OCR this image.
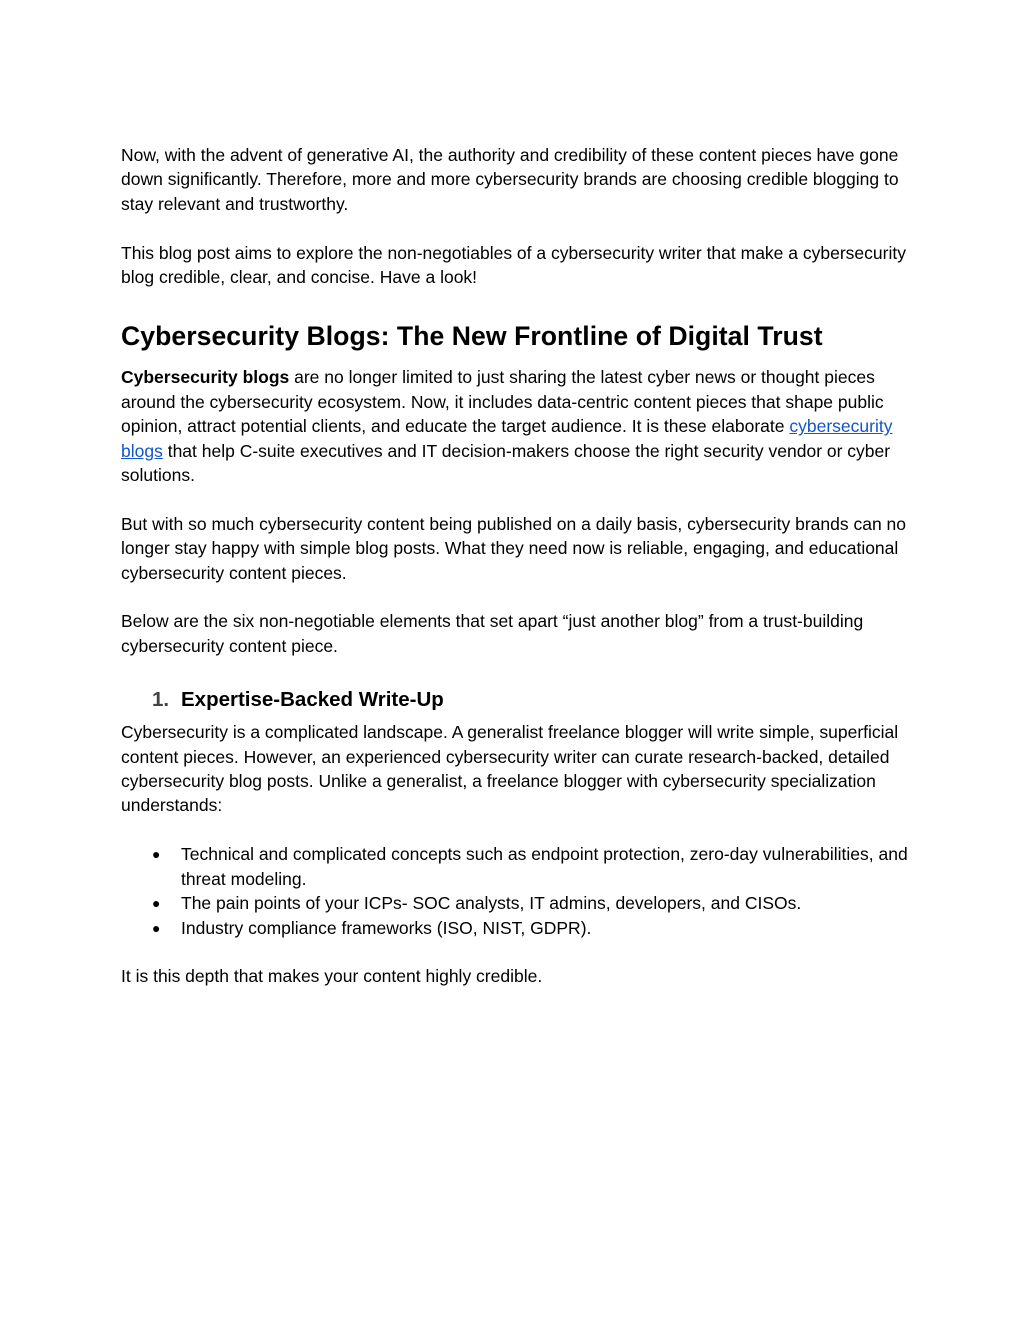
Now, with the advent of generative AI, the authority and credibility of these content pieces have gone down significantly. Therefore, more and more cybersecurity brands are choosing credible blogging to stay relevant and trustworthy.

This blog post aims to explore the non-negotiables of a cybersecurity writer that make a cybersecurity blog credible, clear, and concise. Have a look!

Cybersecurity Blogs: The New Frontline of Digital Trust

Cybersecurity blogs are no longer limited to just sharing the latest cyber news or thought pieces around the cybersecurity ecosystem. Now, it includes data-centric content pieces that shape public opinion, attract potential clients, and educate the target audience. It is these elaborate cybersecurity blogs that help C-suite executives and IT decision-makers choose the right security vendor or cyber solutions.

But with so much cybersecurity content being published on a daily basis, cybersecurity brands can no longer stay happy with simple blog posts. What they need now is reliable, engaging, and educational cybersecurity content pieces.

Below are the six non-negotiable elements that set apart “just another blog” from a trust-building cybersecurity content piece.

1. Expertise-Backed Write-Up

Cybersecurity is a complicated landscape. A generalist freelance blogger will write simple, superficial content pieces. However, an experienced cybersecurity writer can curate research-backed, detailed cybersecurity blog posts. Unlike a generalist, a freelance blogger with cybersecurity specialization understands:

●	Technical and complicated concepts such as endpoint protection, zero-day vulnerabilities, and threat modeling.
●	The pain points of your ICPs- SOC analysts, IT admins, developers, and CISOs.
●	Industry compliance frameworks (ISO, NIST, GDPR).

It is this depth that makes your content highly credible.
